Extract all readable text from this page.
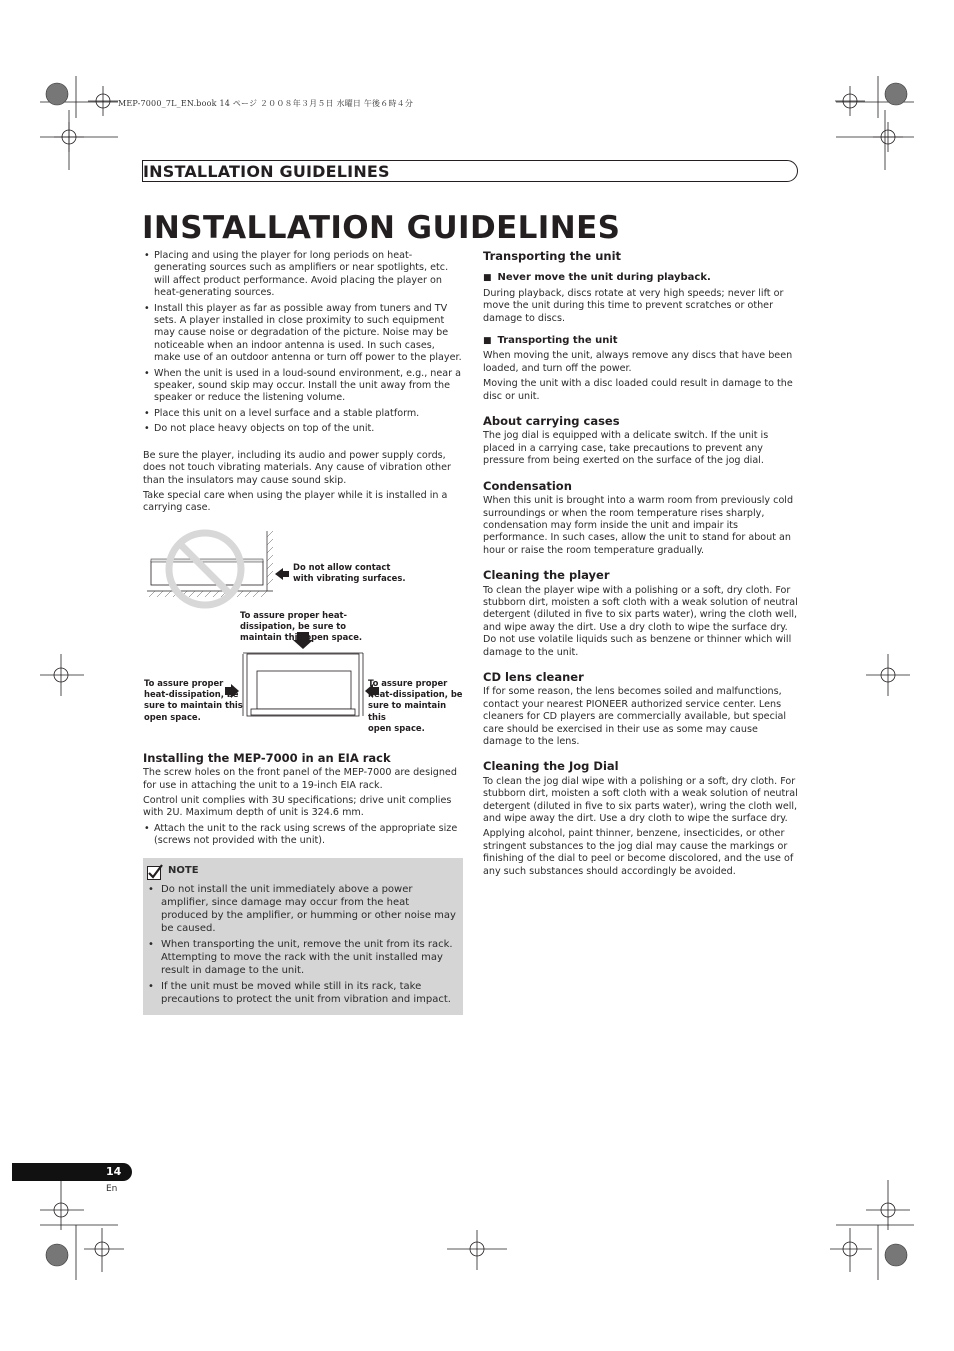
MEP-7000_7L_EN.book 14 ページ ２００８年３月５日 水曜日 午後６時４分
INSTALLATION GUIDELINES
INSTALLATION GUIDELINES
• Placing and using the player for long periods on heat-generating sources such as amplifiers or near spotlights, etc. will affect product performance. Avoid placing the player on heat-generating sources.
• Install this player as far as possible away from tuners and TV sets. A player installed in close proximity to such equipment may cause noise or degradation of the picture. Noise may be noticeable when an indoor antenna is used. In such cases, make use of an outdoor antenna or turn off power to the player.
• When the unit is used in a loud-sound environment, e.g., near a speaker, sound skip may occur. Install the unit away from the speaker or reduce the listening volume.
• Place this unit on a level surface and a stable platform.
• Do not place heavy objects on top of the unit.

Be sure the player, including its audio and power supply cords, does not touch vibrating materials. Any cause of vibration other than the insulators may cause sound skip.

Take special care when using the player while it is installed in a carrying case.

Do not allow contact
with vibrating surfaces.
To assure proper heat-
dissipation, be sure to
maintain this open space.
To assure proper
heat-dissipation, be
sure to maintain this
open space.
To assure proper
heat-dissipation, be
sure to maintain this
open space.
Installing the MEP-7000 in an EIA rack

The screw holes on the front panel of the MEP-7000 are designed for use in attaching the unit to a 19-inch EIA rack.

Control unit complies with 3U specifications; drive unit complies with 2U. Maximum depth of unit is 324.6 mm.

• Attach the unit to the rack using screws of the appropriate size (screws not provided with the unit).
NOTE
• Do not install the unit immediately above a power amplifier, since damage may occur from the heat produced by the amplifier, or humming or other noise may be caused.
• When transporting the unit, remove the unit from its rack. Attempting to move the rack with the unit installed may result in damage to the unit.
• If the unit must be moved while still in its rack, take precautions to protect the unit from vibration and impact.
Transporting the unit
■ Never move the unit during playback.

During playback, discs rotate at very high speeds; never lift or move the unit during this time to prevent scratches or other damage to discs.

■ Transporting the unit

When moving the unit, always remove any discs that have been loaded, and turn off the power.

Moving the unit with a disc loaded could result in damage to the disc or unit.

About carrying cases

The jog dial is equipped with a delicate switch. If the unit is placed in a carrying case, take precautions to prevent any pressure from being exerted on the surface of the jog dial.

Condensation

When this unit is brought into a warm room from previously cold surroundings or when the room temperature rises sharply, condensation may form inside the unit and impair its performance. In such cases, allow the unit to stand for about an hour or raise the room temperature gradually.

Cleaning the player

To clean the player wipe with a polishing or a soft, dry cloth. For stubborn dirt, moisten a soft cloth with a weak solution of neutral detergent (diluted in five to six parts water), wring the cloth well, and wipe away the dirt. Use a dry cloth to wipe the surface dry. Do not use volatile liquids such as benzene or thinner which will damage to the unit.

CD lens cleaner

If for some reason, the lens becomes soiled and malfunctions, contact your nearest PIONEER authorized service center. Lens cleaners for CD players are commercially available, but special care should be exercised in their use as some may cause damage to the lens.

Cleaning the Jog Dial

To clean the jog dial wipe with a polishing or a soft, dry cloth. For stubborn dirt, moisten a soft cloth with a weak solution of neutral detergent (diluted in five to six parts water), wring the cloth well, and wipe away the dirt. Use a dry cloth to wipe the surface dry.

Applying alcohol, paint thinner, benzene, insecticides, or other stringent substances to the jog dial may cause the markings or finishing of the dial to peel or become discolored, and the use of any such substances should accordingly be avoided.

14
En
